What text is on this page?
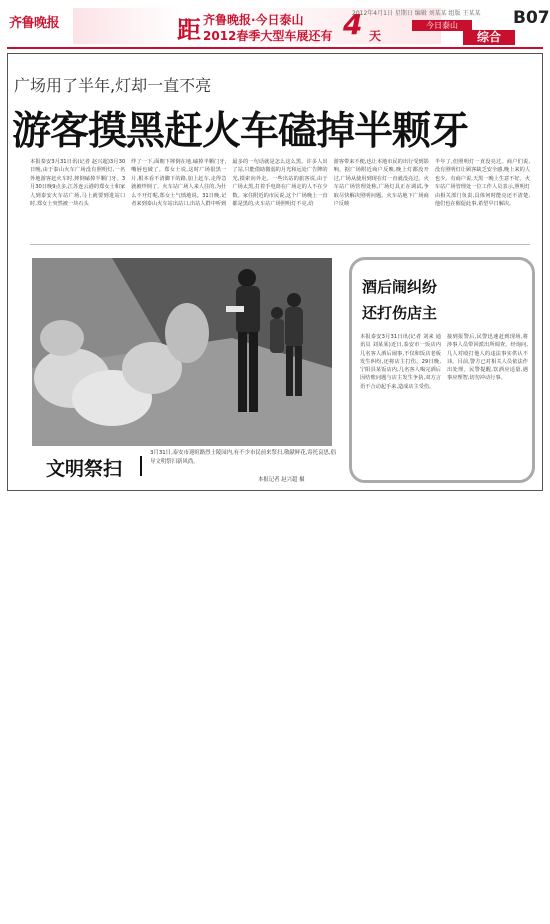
齐鲁晚报	距 齐鲁晚报·今日泰山
2012春季大型车展还有 4 天
2012年4月1日 星期日 编辑 刘某某 组版 王某某
今日泰山
综合
B07
广场用了半年,灯却一直不亮
游客摸黑赶火车磕掉半颗牙
本报泰安3月31日讯(记者 赵兴超)3月30日晚,由于泰山火车广场没有照明灯,一名外地游客赶火车时,摔倒磕掉半颗门牙。3月30日晚9点多,江苏连云港的郑女士和家人到泰安火车站广场,马上就要到进站口时,郑女士突然被一块石头
绊了一下,面朝下摔倒在地,磕掉半颗门牙,嘴唇也破了。郑女士说,这时广场很黑一片,根本看不清脚下的路,加上赶车,走得急就被绊倒了。火车站广场人来人往的,为什么不开灯呢,郑女士气愤地说。31日晚,记者来到泰山火车站出站口,出站人群中听到
最多的一句话就是怎么这么黑。许多人出了站,只能借助微弱的月光和远处广告牌的光,摸索向外走。一些出站的旅客说,由于广场太黑,打着手电筒在广场走的人不在少数。家住附近的市民说,这个广场晚上一直都是黑的,火车站广场照明灯不亮,给
游客带来不便,也让本地市民的出行受到影响。据广场附近商户反映,晚上灯都没开过,广场从使用到现在灯一直就没亮过。火车站广场管理处称,广场灯具正在调试,争取尽快解决照明问题。火车站地下广场商户反映
半年了,但照明灯一直没亮过。商户们说,没有照明灯让顾客缺乏安全感,晚上来的人也少。有商户说,天黑一晚上生意不好。火车站广场管理处一位工作人员表示,照明灯由相关部门负责,具体何时能亮还不清楚,他们也在催促此事,希望早日解决。
文明祭扫
3月31日,泰安市迎暄路烈士陵园内,有不少市民前来祭扫,敬献鲜花,寄托哀思,倡导文明祭扫新风尚。
本报记者 赵兴超 摄
酒后闹纠纷
还打伤店主
本报泰安3月31日讯(记者 刘来 通讯员 刘某某)近日,泰安市一饭店内几名客人酒后闹事,不仅和饭店老板发生纠纷,还将店主打伤。29日晚,宁阳县某饭店内,几名客人喝完酒后因结账问题与店主发生争执,双方言语不合动起手来,造成店主受伤。
接到报警后,民警迅速赶到现场,将涉事人员带回派出所调查。经询问,几人对殴打他人的违法事实供认不讳。目前,警方已对相关人员依法作出处理。民警提醒,饮酒应适量,遇事应理智,切勿冲动行事。
